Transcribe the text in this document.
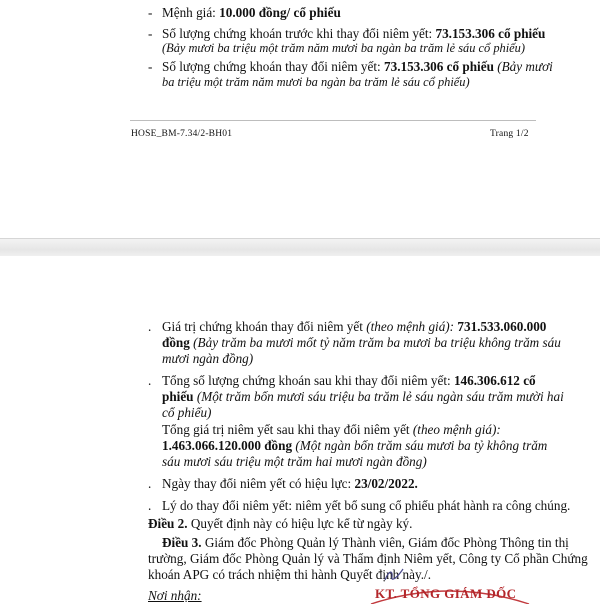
- Mệnh giá: 10.000 đồng/ cổ phiếu
- Số lượng chứng khoán trước khi thay đổi niêm yết: 73.153.306 cổ phiếu
(Bảy mươi ba triệu một trăm năm mươi ba ngàn ba trăm lẻ sáu cổ phiếu)
- Số lượng chứng khoán thay đổi niêm yết: 73.153.306 cổ phiếu (Bảy mươi
ba triệu một trăm năm mươi ba ngàn ba trăm lẻ sáu cổ phiếu)
HOSE_BM-7.34/2-BH01	Trang 1/2
. Giá trị chứng khoán thay đổi niêm yết (theo mệnh giá): 731.533.060.000
đồng (Bảy trăm ba mươi mốt tỷ năm trăm ba mươi ba triệu không trăm sáu
mươi ngàn đồng)
. Tổng số lượng chứng khoán sau khi thay đổi niêm yết: 146.306.612 cổ
phiếu (Một trăm bốn mươi sáu triệu ba trăm lẻ sáu ngàn sáu trăm mười hai
cổ phiếu)
Tổng giá trị niêm yết sau khi thay đổi niêm yết (theo mệnh giá):
1.463.066.120.000 đồng (Một ngàn bốn trăm sáu mươi ba tỷ không trăm
sáu mươi sáu triệu một trăm hai mươi ngàn đồng)
. Ngày thay đổi niêm yết có hiệu lực: 23/02/2022.
. Lý do thay đổi niêm yết: niêm yết bổ sung cổ phiếu phát hành ra công chúng.
Điều 2. Quyết định này có hiệu lực kể từ ngày ký.
Điều 3. Giám đốc Phòng Quản lý Thành viên, Giám đốc Phòng Thông tin thị
trường, Giám đốc Phòng Quản lý và Thẩm định Niêm yết, Công ty Cổ phần Chứng
khoán APG có trách nhiệm thi hành Quyết định này./.
Nơi nhận:	KT. TỔNG GIÁM ĐỐC
